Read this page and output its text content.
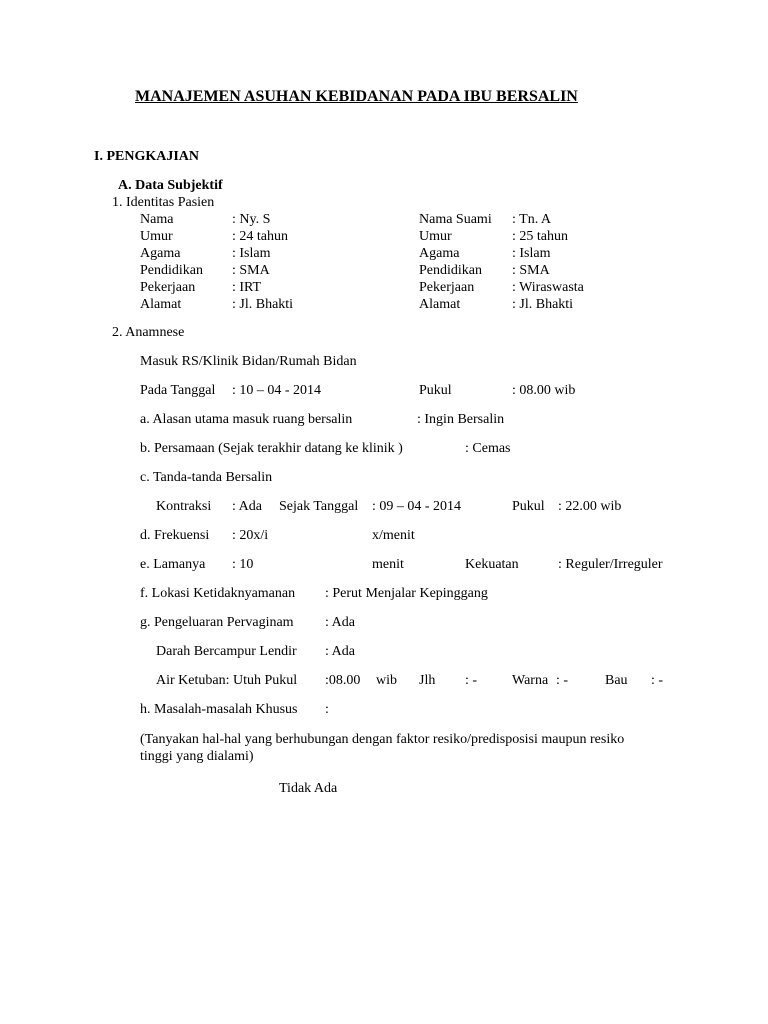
MANAJEMEN ASUHAN KEBIDANAN PADA IBU BERSALIN
I. PENGKAJIAN
A. Data Subjektif
1. Identitas Pasien
Nama	: Ny. S	Nama Suami : Tn. A
Umur	: 24 tahun	Umur	: 25 tahun
Agama	: Islam	Agama	: Islam
Pendidikan : SMA	Pendidikan : SMA
Pekerjaan	: IRT	Pekerjaan	: Wiraswasta
Alamat	: Jl. Bhakti	Alamat	: Jl. Bhakti
2. Anamnese
Masuk RS/Klinik Bidan/Rumah Bidan
Pada Tanggal : 10 – 04 - 2014	Pukul	: 08.00 wib
a. Alasan utama masuk ruang bersalin	: Ingin Bersalin
b. Persamaan (Sejak terakhir datang ke klinik )	: Cemas
c. Tanda-tanda Bersalin
Kontraksi : Ada Sejak Tanggal : 09 – 04 - 2014	Pukul : 22.00 wib
d. Frekuensi : 20x/i	x/menit
e. Lamanya : 10	menit	Kekuatan	: Reguler/Irreguler
f. Lokasi Ketidaknyamanan : Perut Menjalar Kepinggang
g. Pengeluaran Pervaginam : Ada
Darah Bercampur Lendir : Ada
Air Ketuban: Utuh Pukul :08.00 wib Jlh : - Warna : -	Bau : -
h. Masalah-masalah Khusus :
(Tanyakan hal-hal yang berhubungan dengan faktor resiko/predisposisi maupun resiko
tinggi yang dialami)
Tidak Ada
